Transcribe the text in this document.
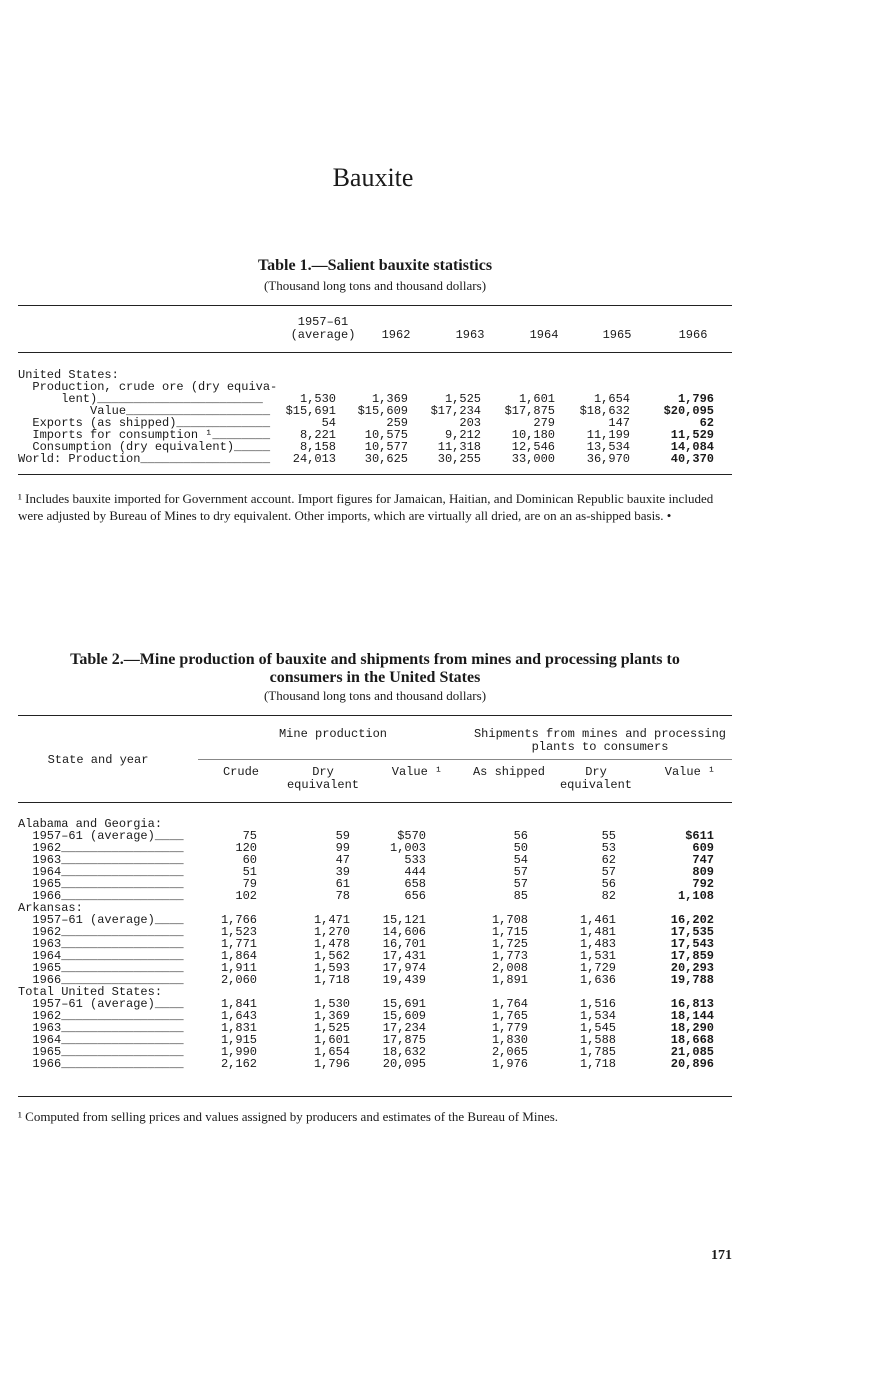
Bauxite
Table 1.—Salient bauxite statistics
(Thousand long tons and thousand dollars)
1957–61
(average)	1962	1963	1964	1965	1966
United States:
Production, crude ore (dry equiva-
lent)_______________________	1,530	1,369	1,525	1,601	1,654	1,796
Value____________________ $15,691 $15,609 $17,234 $17,875 $18,632	$20,095
Exports (as shipped)_____________	54	259	203	279	147	62
Imports for consumption ¹________ 8,221 10,575	9,212	10,180	11,199	11,529
Consumption (dry equivalent)_____ 8,158 10,577 11,318	12,546	13,534	14,084
World: Production__________________ 24,013 30,625 30,255	33,000	36,970	40,370
¹ Includes bauxite imported for Government account. Import figures for Jamaican, Haitian, and Dominican Republic bauxite included were adjusted by Bureau of Mines to dry equivalent. Other imports, which are virtually all dried, are on an as-shipped basis. •
Table 2.—Mine production of bauxite and shipments from mines and processing plants to
consumers in the United States
(Thousand long tons and thousand dollars)
State and year
Mine production	Shipments from mines and processing
plants to consumers
Crude	Dry
equivalent
Value ¹	As shipped	Dry
equivalent
Value ¹
Alabama and Georgia:
1957–61 (average)____	75	59	$570	56	55	$611
1962_________________	120	99	1,003	50	53	609
1963_________________	60	47	533	54	62	747
1964_________________	51	39	444	57	57	809
1965_________________	79	61	658	57	56	792
1966_________________	102	78	656	85	82	1,108
Arkansas:
1957–61 (average)____	1,766	1,471	15,121	1,708	1,461	16,202
1962_________________	1,523	1,270	14,606	1,715	1,481	17,535
1963_________________	1,771	1,478	16,701	1,725	1,483	17,543
1964_________________	1,864	1,562	17,431	1,773	1,531	17,859
1965_________________	1,911	1,593	17,974	2,008	1,729	20,293
1966_________________	2,060	1,718	19,439	1,891	1,636	19,788
Total United States:
1957–61 (average)____	1,841	1,530	15,691	1,764	1,516	16,813
1962_________________	1,643	1,369	15,609	1,765	1,534	18,144
1963_________________	1,831	1,525	17,234	1,779	1,545	18,290
1964_________________	1,915	1,601	17,875	1,830	1,588	18,668
1965_________________	1,990	1,654	18,632	2,065	1,785	21,085
1966_________________	2,162	1,796	20,095	1,976	1,718	20,896
¹ Computed from selling prices and values assigned by producers and estimates of the Bureau of Mines.
171
